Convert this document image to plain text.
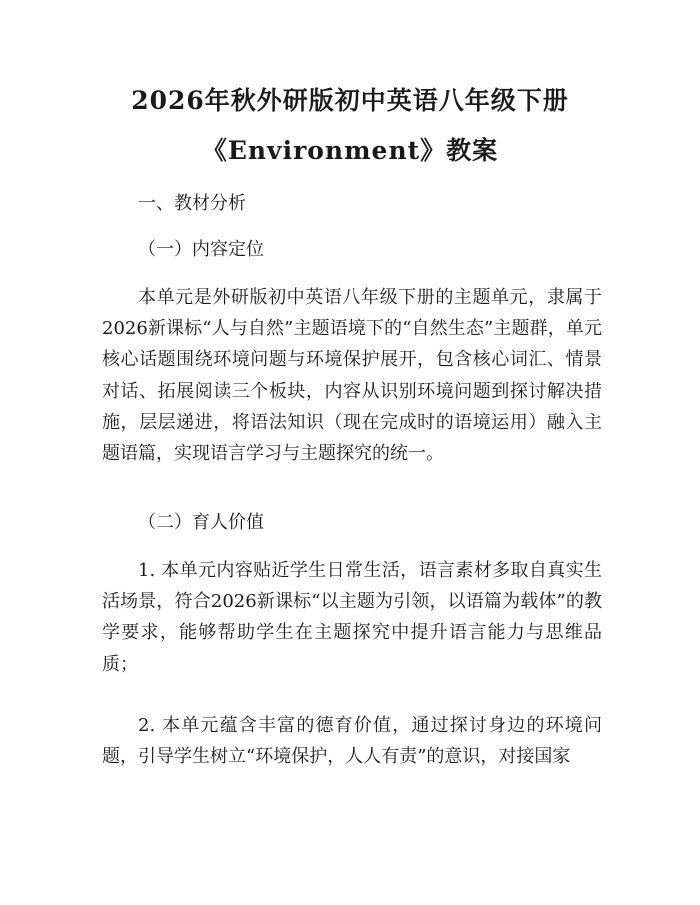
2026年秋外研版初中英语八年级下册
《Environment》教案
一、教材分析
（一）内容定位

本单元是外研版初中英语八年级下册的主题单元，隶属于2026新课标“人与自然”主题语境下的“自然生态”主题群，单元核心话题围绕环境问题与环境保护展开，包含核心词汇、情景对话、拓展阅读三个板块，内容从识别环境问题到探讨解决措施，层层递进，将语法知识（现在完成时的语境运用）融入主题语篇，实现语言学习与主题探究的统一。

（二）育人价值

1. 本单元内容贴近学生日常生活，语言素材多取自真实生活场景，符合2026新课标“以主题为引领，以语篇为载体”的教学要求，能够帮助学生在主题探究中提升语言能力与思维品质；

2. 本单元蕴含丰富的德育价值，通过探讨身边的环境问题，引导学生树立“环境保护，人人有责”的意识，对接国家
